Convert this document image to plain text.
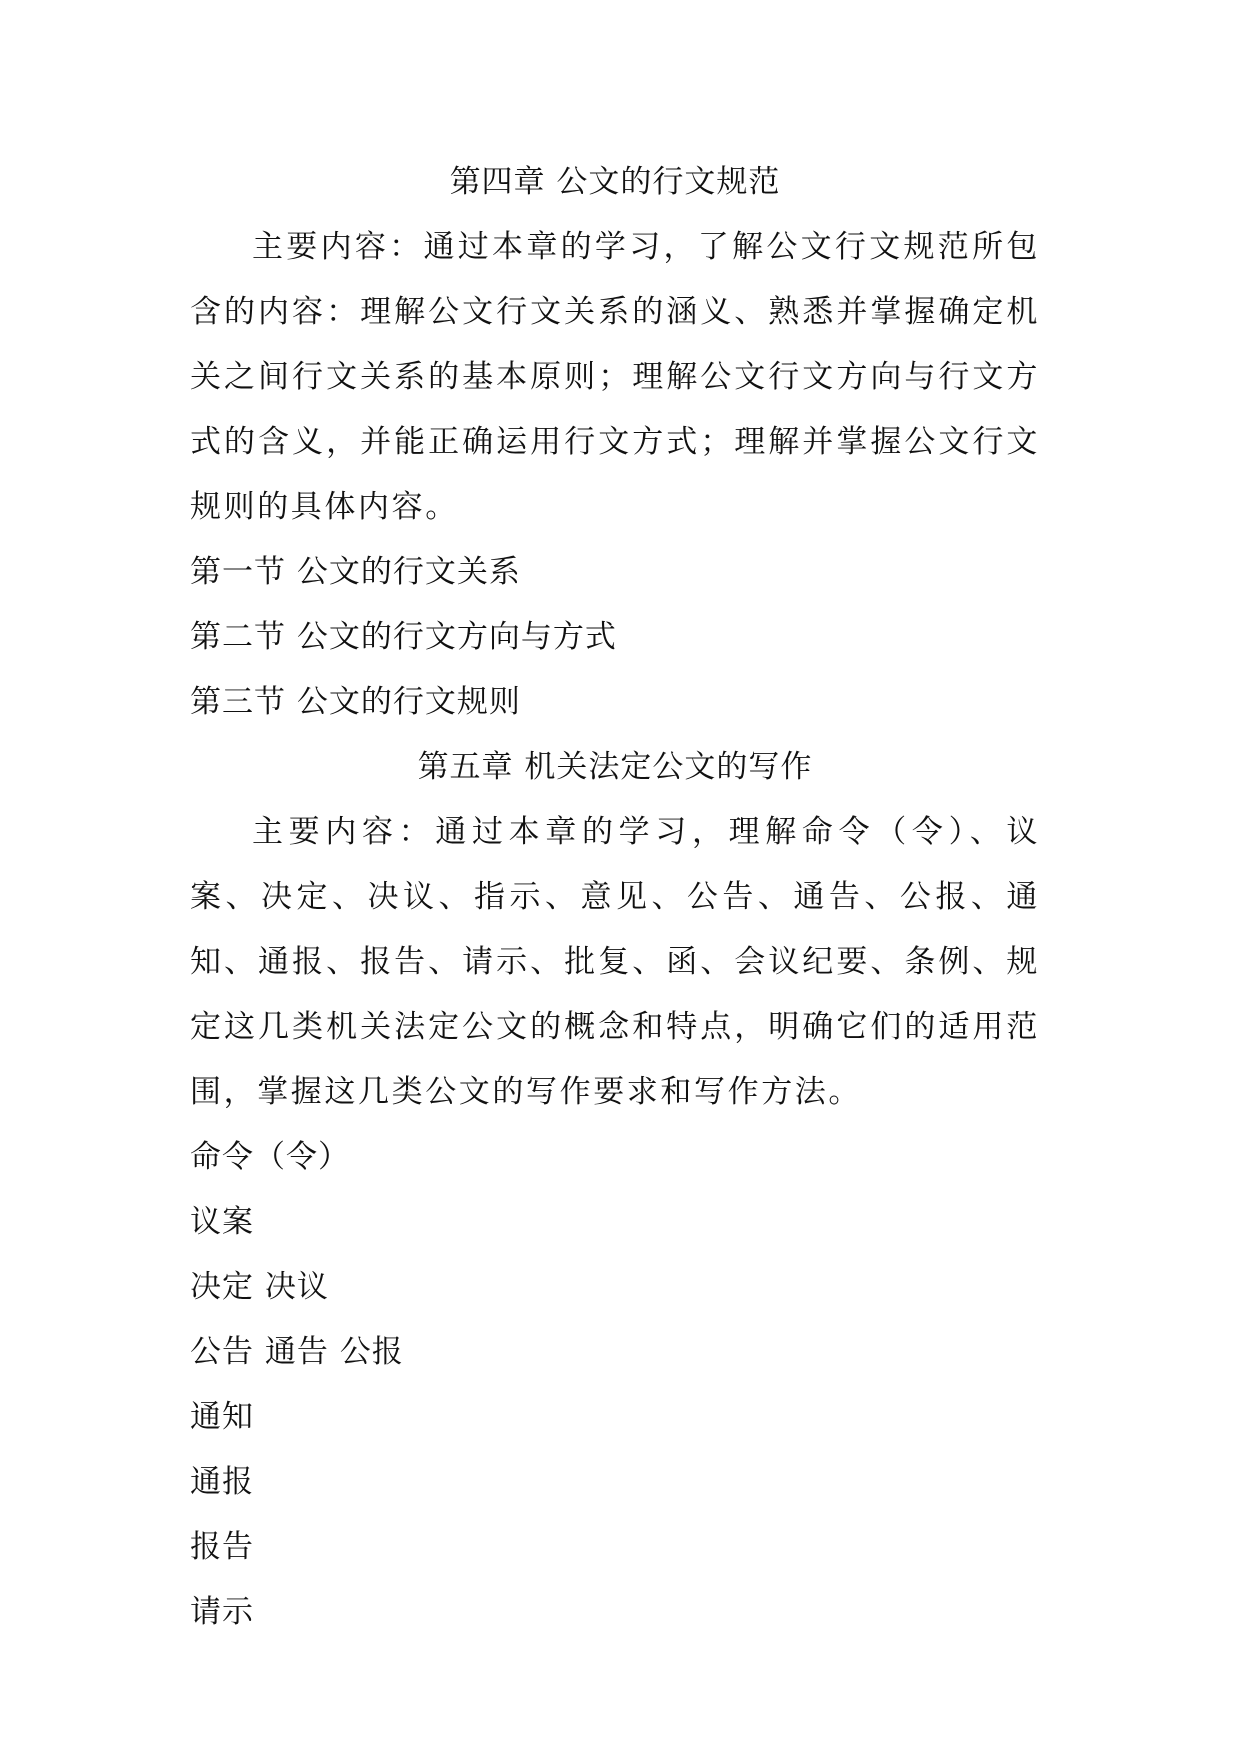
第四章 公文的行文规范

主要内容：通过本章的学习，了解公文行文规范所包含的内容：理解公文行文关系的涵义、熟悉并掌握确定机关之间行文关系的基本原则；理解公文行文方向与行文方式的含义，并能正确运用行文方式；理解并掌握公文行文规则的具体内容。

第一节 公文的行文关系

第二节 公文的行文方向与方式

第三节 公文的行文规则

第五章 机关法定公文的写作

主要内容：通过本章的学习，理解命令（令）、议案、决定、决议、指示、意见、公告、通告、公报、通知、通报、报告、请示、批复、函、会议纪要、条例、规定这几类机关法定公文的概念和特点，明确它们的适用范围，掌握这几类公文的写作要求和写作方法。

命令（令）

议案

决定 决议

公告 通告 公报

通知

通报

报告

请示
